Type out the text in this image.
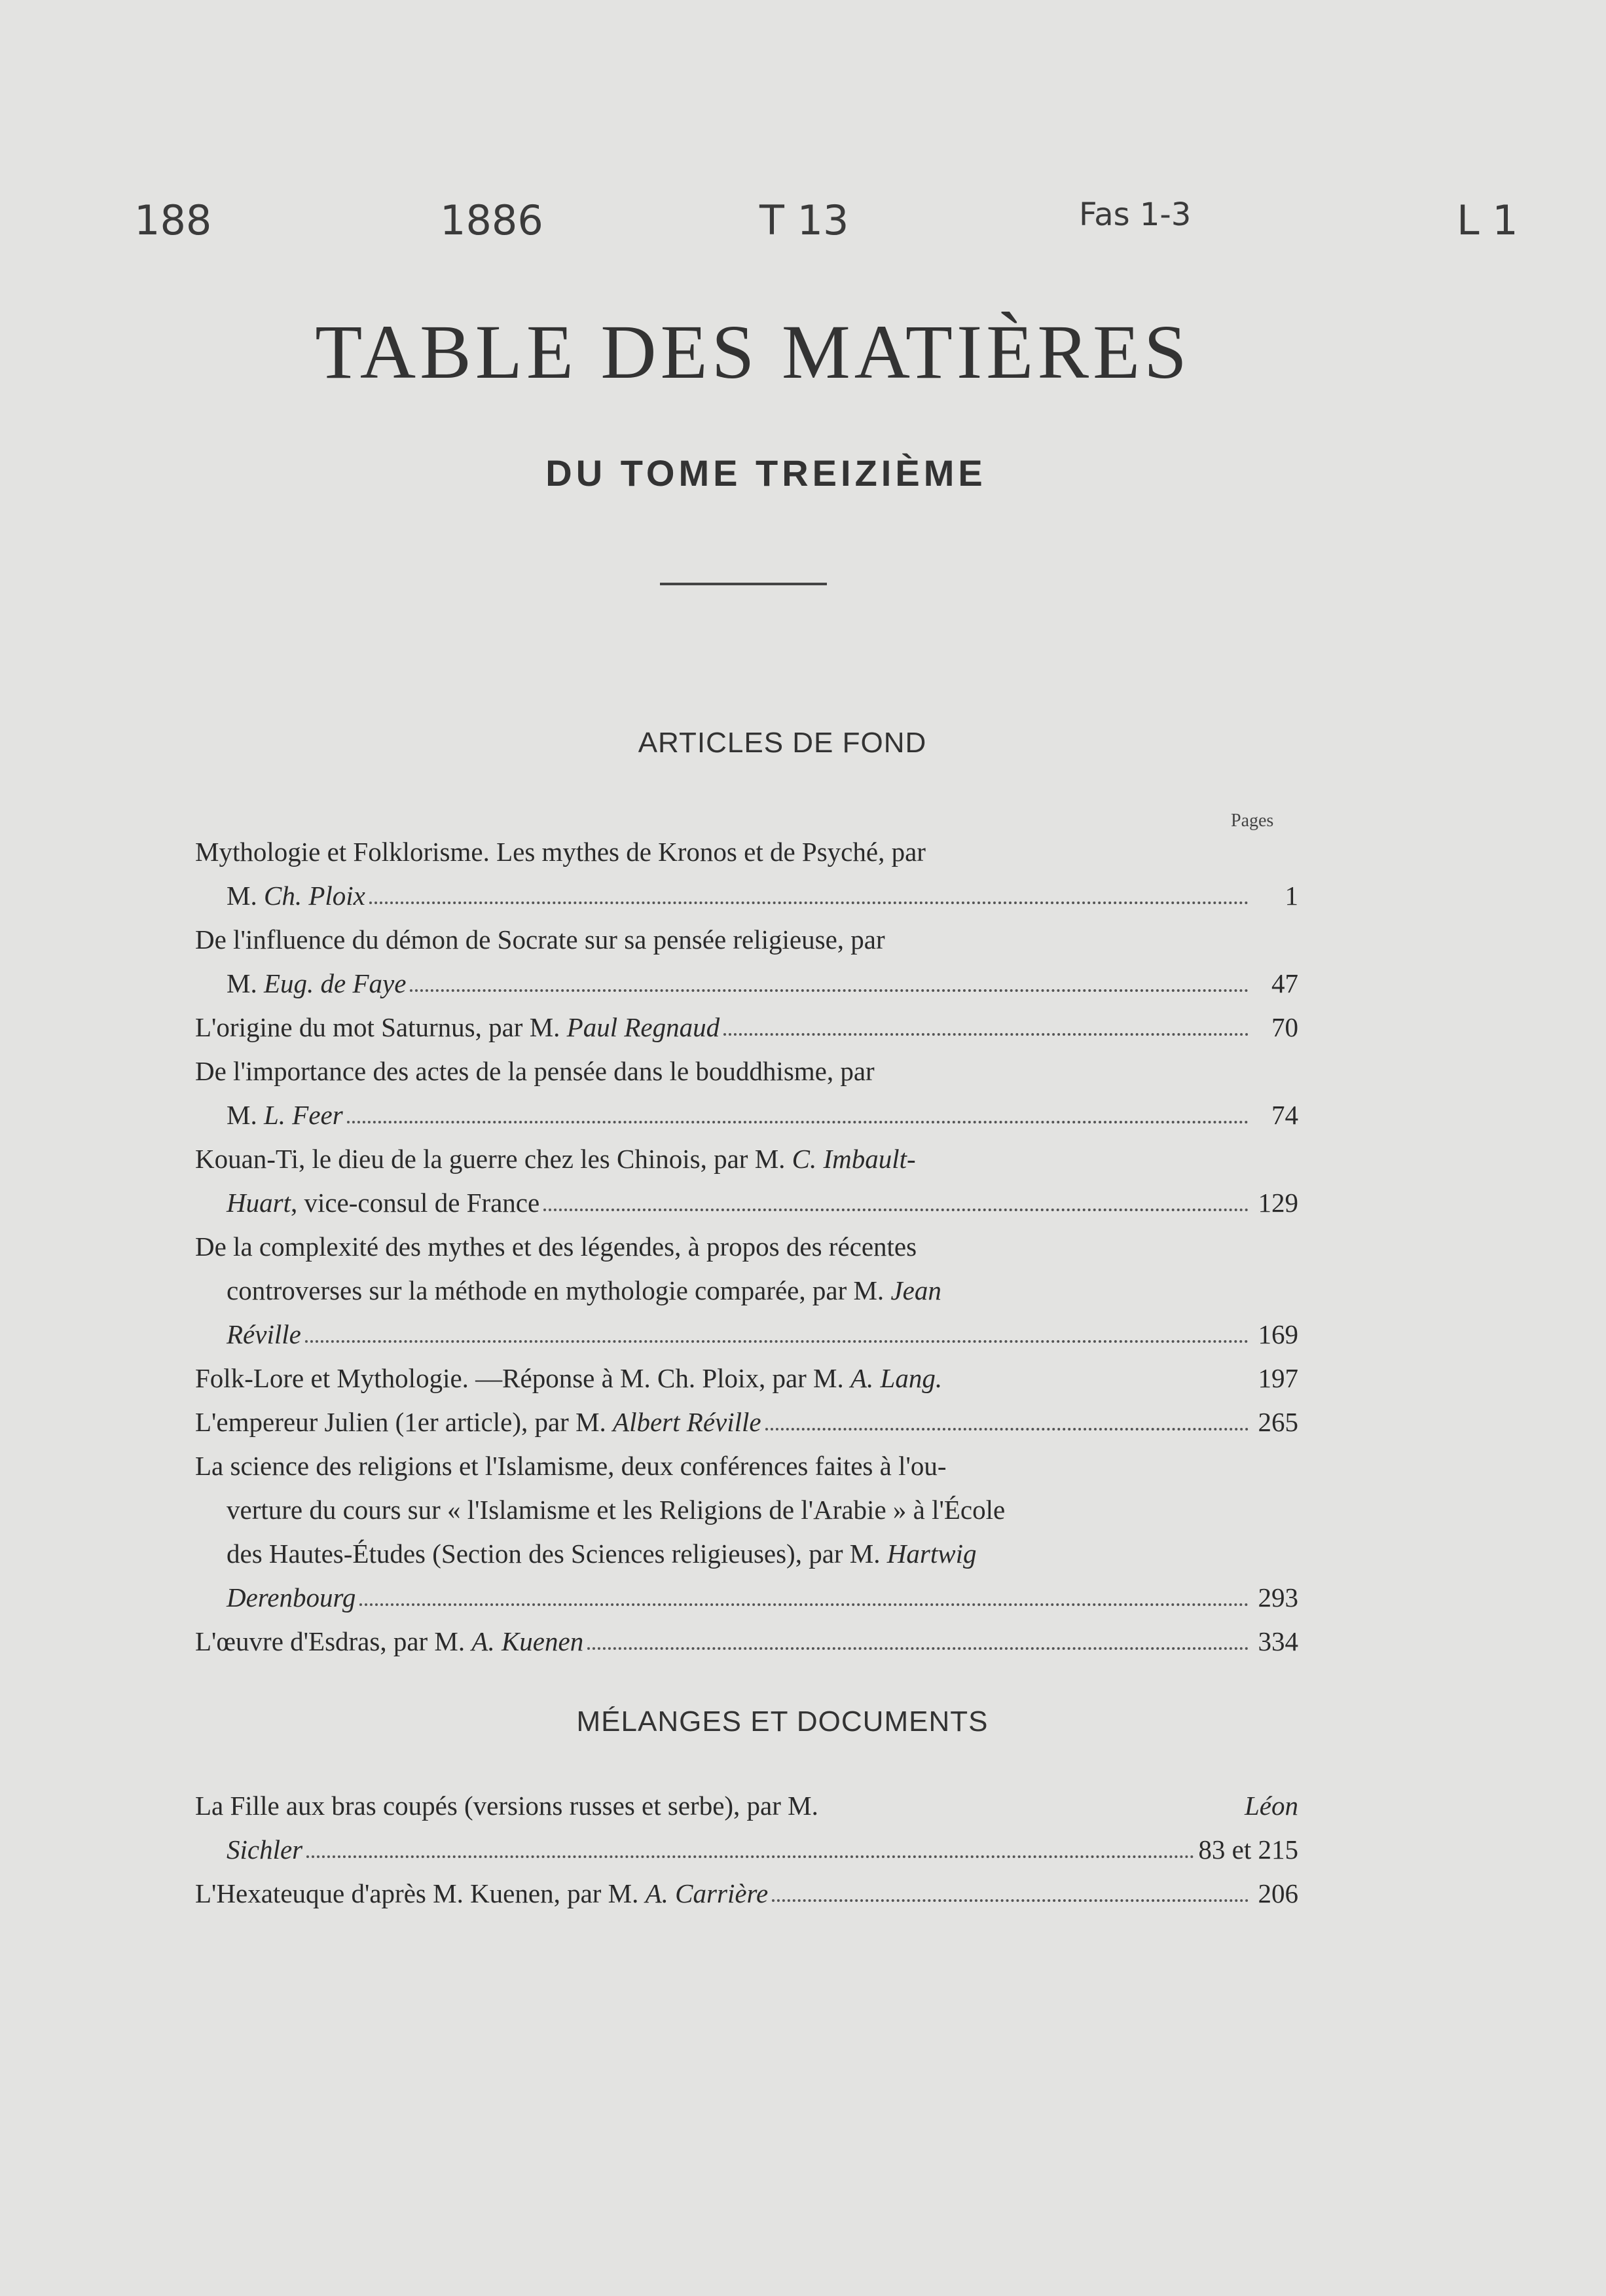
188	1886	T 13	Fas 1-3	L 1
TABLE DES MATIÈRES
DU TOME TREIZIÈME
ARTICLES DE FOND
Pages
Mythologie et Folklorisme. Les mythes de Kronos et de Psyché, par
M. Ch. Ploix	1
De l'influence du démon de Socrate sur sa pensée religieuse, par
M. Eug. de Faye	47
L'origine du mot Saturnus, par M. Paul Regnaud	70
De l'importance des actes de la pensée dans le bouddhisme, par
M. L. Feer	74
Kouan-Ti, le dieu de la guerre chez les Chinois, par M. C. Imbault-
Huart, vice-consul de France	129
De la complexité des mythes et des légendes, à propos des récentes
controverses sur la méthode en mythologie comparée, par M. Jean
Réville	169
Folk-Lore et Mythologie. —Réponse à M. Ch. Ploix, par M. A. Lang.	197
L'empereur Julien (1er article), par M. Albert Réville	265
La science des religions et l'Islamisme, deux conférences faites à l'ou-
verture du cours sur « l'Islamisme et les Religions de l'Arabie » à l'École
des Hautes-Études (Section des Sciences religieuses), par M. Hartwig
Derenbourg	293
L'œuvre d'Esdras, par M. A. Kuenen	334
MÉLANGES ET DOCUMENTS
La Fille aux bras coupés (versions russes et serbe), par M.	Léon
Sichler	83 et 215
L'Hexateuque d'après M. Kuenen, par M. A. Carrière	206
